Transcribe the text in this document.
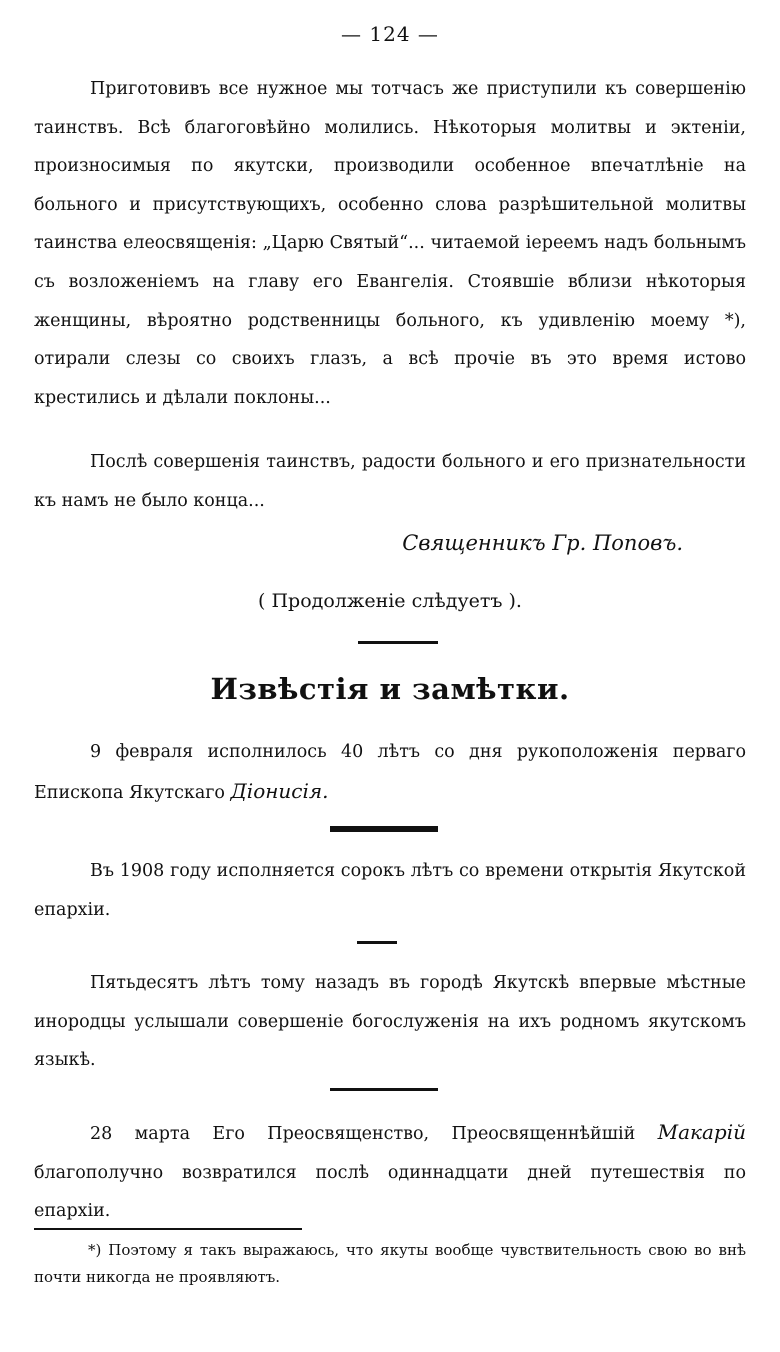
— 124 —

Приготовивъ все нужное мы тотчасъ же приступили къ совершенію таинствъ. Всѣ благоговѣйно молились. Нѣкоторыя молитвы и эктеніи, произносимыя по якутски, производили особенное впечатлѣніе на больного и присутствующихъ, особенно слова разрѣшительной молитвы таинства елеосвященія: „Царю Святый“... читаемой іереемъ надъ больнымъ съ возложеніемъ на главу его Евангелія. Стоявшіе вблизи нѣкоторыя женщины, вѣроятно родственницы больного, къ удивленію моему *), отирали слезы со своихъ глазъ, а всѣ прочіе въ это время истово крестились и дѣлали поклоны...

Послѣ совершенія таинствъ, радости больного и его признательности къ намъ не было конца...

Священникъ Гр. Поповъ.
( Продолженіе слѣдуетъ ).
Извѣстія и замѣтки.

9 февраля исполнилось 40 лѣтъ со дня рукоположенія перваго Епископа Якутскаго Діонисія.

Въ 1908 году исполняется сорокъ лѣтъ со времени открытія Якутской епархіи.

Пятьдесятъ лѣтъ тому назадъ въ городѣ Якутскѣ впервые мѣстные инородцы услышали совершеніе богослуженія на ихъ родномъ якутскомъ языкѣ.

28 марта Его Преосвященство, Преосвященнѣйшій Макарій благополучно возвратился послѣ одиннадцати дней путешествія по епархіи.

*) Поэтому я такъ выражаюсь, что якуты вообще чувствительность свою во внѣ почти никогда не проявляютъ.
